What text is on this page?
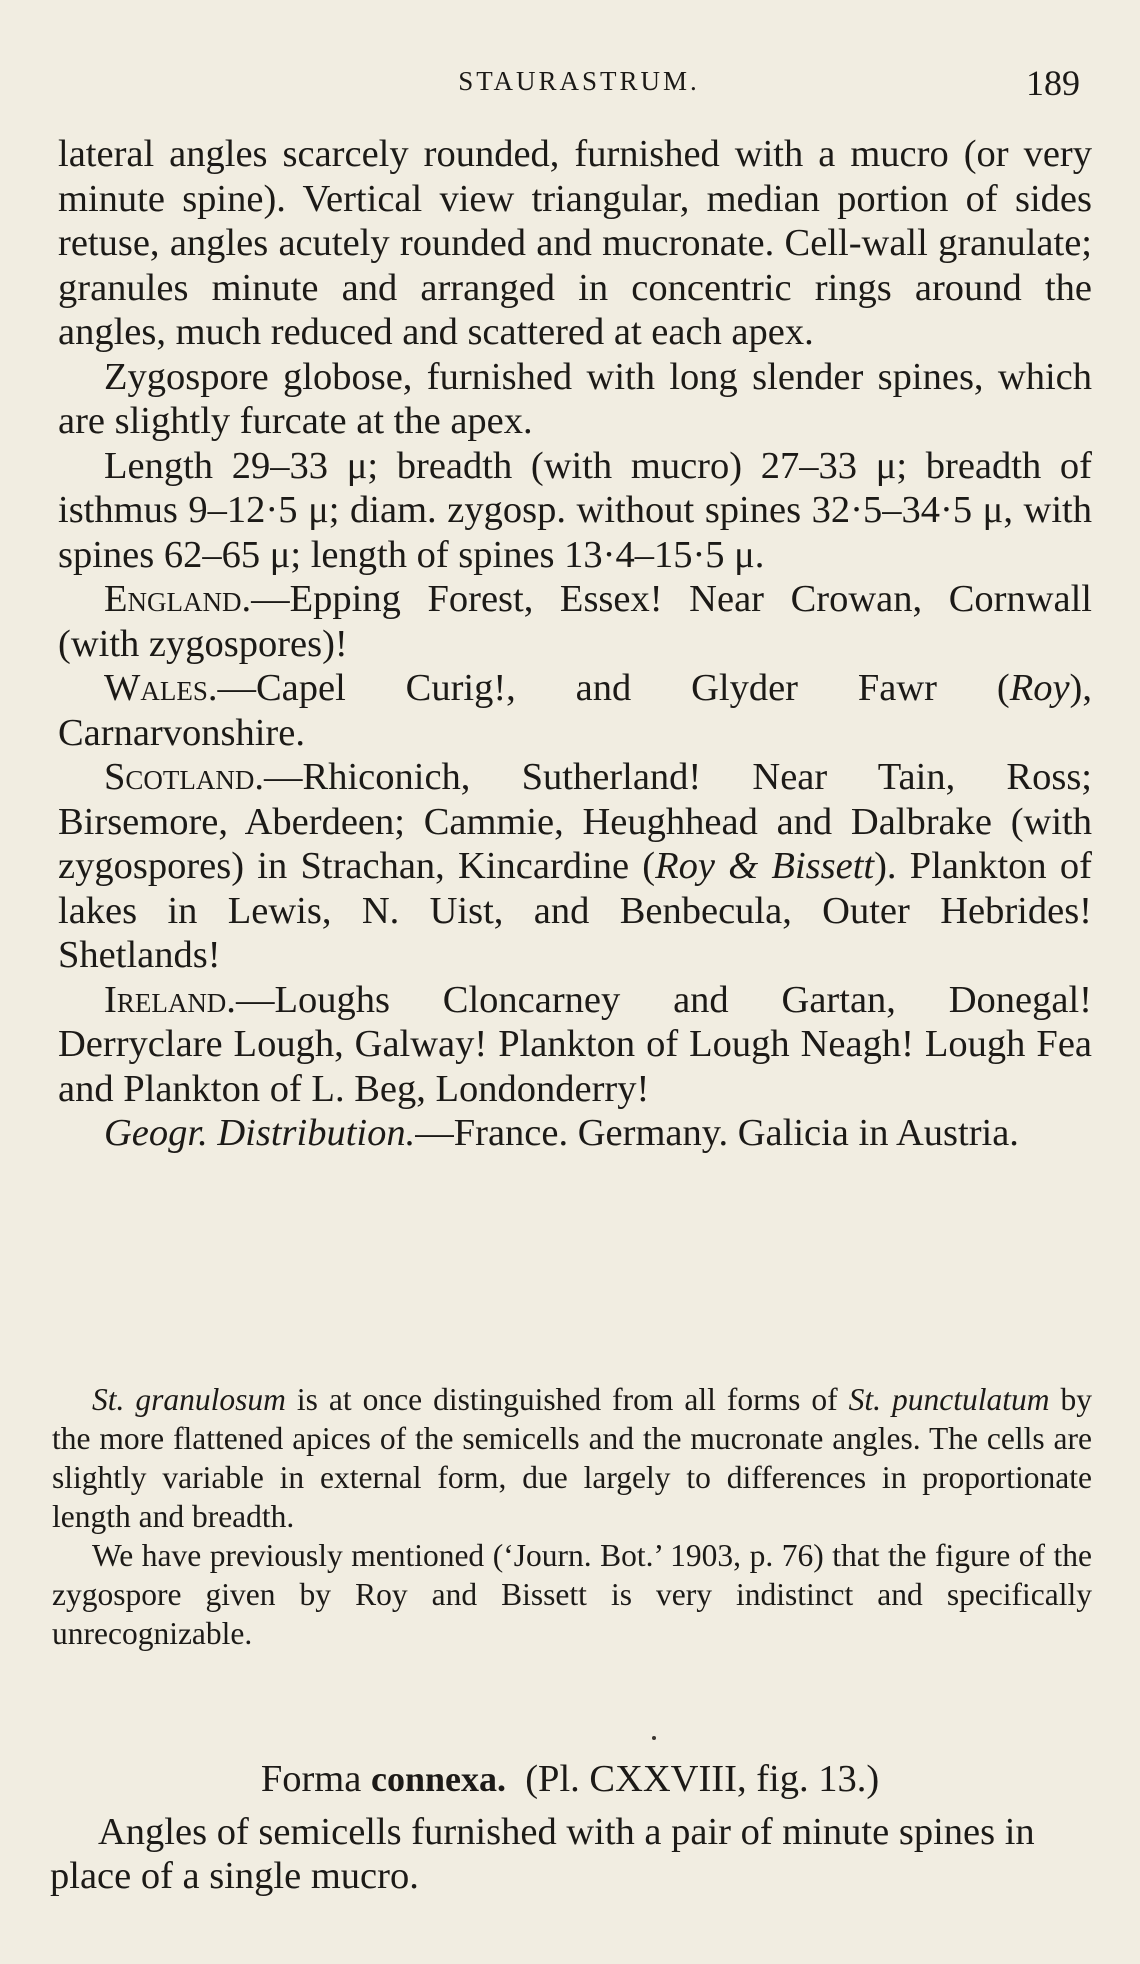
STAURASTRUM.	189

lateral angles scarcely rounded, furnished with a mucro (or very minute spine). Vertical view triangular, median portion of sides retuse, angles acutely rounded and mucronate. Cell-wall granulate; granules minute and arranged in concentric rings around the angles, much reduced and scattered at each apex.

Zygospore globose, furnished with long slender spines, which are slightly furcate at the apex.

Length 29–33 μ; breadth (with mucro) 27–33 μ; breadth of isthmus 9–12·5 μ; diam. zygosp. without spines 32·5–34·5 μ, with spines 62–65 μ; length of spines 13·4–15·5 μ.

England.—Epping Forest, Essex! Near Crowan, Cornwall (with zygospores)!

Wales.—Capel Curig!, and Glyder Fawr (Roy), Carnarvonshire.

Scotland.—Rhiconich, Sutherland! Near Tain, Ross; Birsemore, Aberdeen; Cammie, Heughhead and Dalbrake (with zygospores) in Strachan, Kincardine (Roy & Bissett). Plankton of lakes in Lewis, N. Uist, and Benbecula, Outer Hebrides! Shetlands!

Ireland.—Loughs Cloncarney and Gartan, Donegal! Derryclare Lough, Galway! Plankton of Lough Neagh! Lough Fea and Plankton of L. Beg, Londonderry!

Geogr. Distribution.—France. Germany. Galicia in Austria.

St. granulosum is at once distinguished from all forms of St. punctulatum by the more flattened apices of the semicells and the mucronate angles. The cells are slightly variable in external form, due largely to differences in proportionate length and breadth.

We have previously mentioned (‘Journ. Bot.’ 1903, p. 76) that the figure of the zygospore given by Roy and Bissett is very indistinct and specifically unrecognizable.

Forma connexa. (Pl. CXXVIII, fig. 13.)

Angles of semicells furnished with a pair of minute spines in place of a single mucro.
